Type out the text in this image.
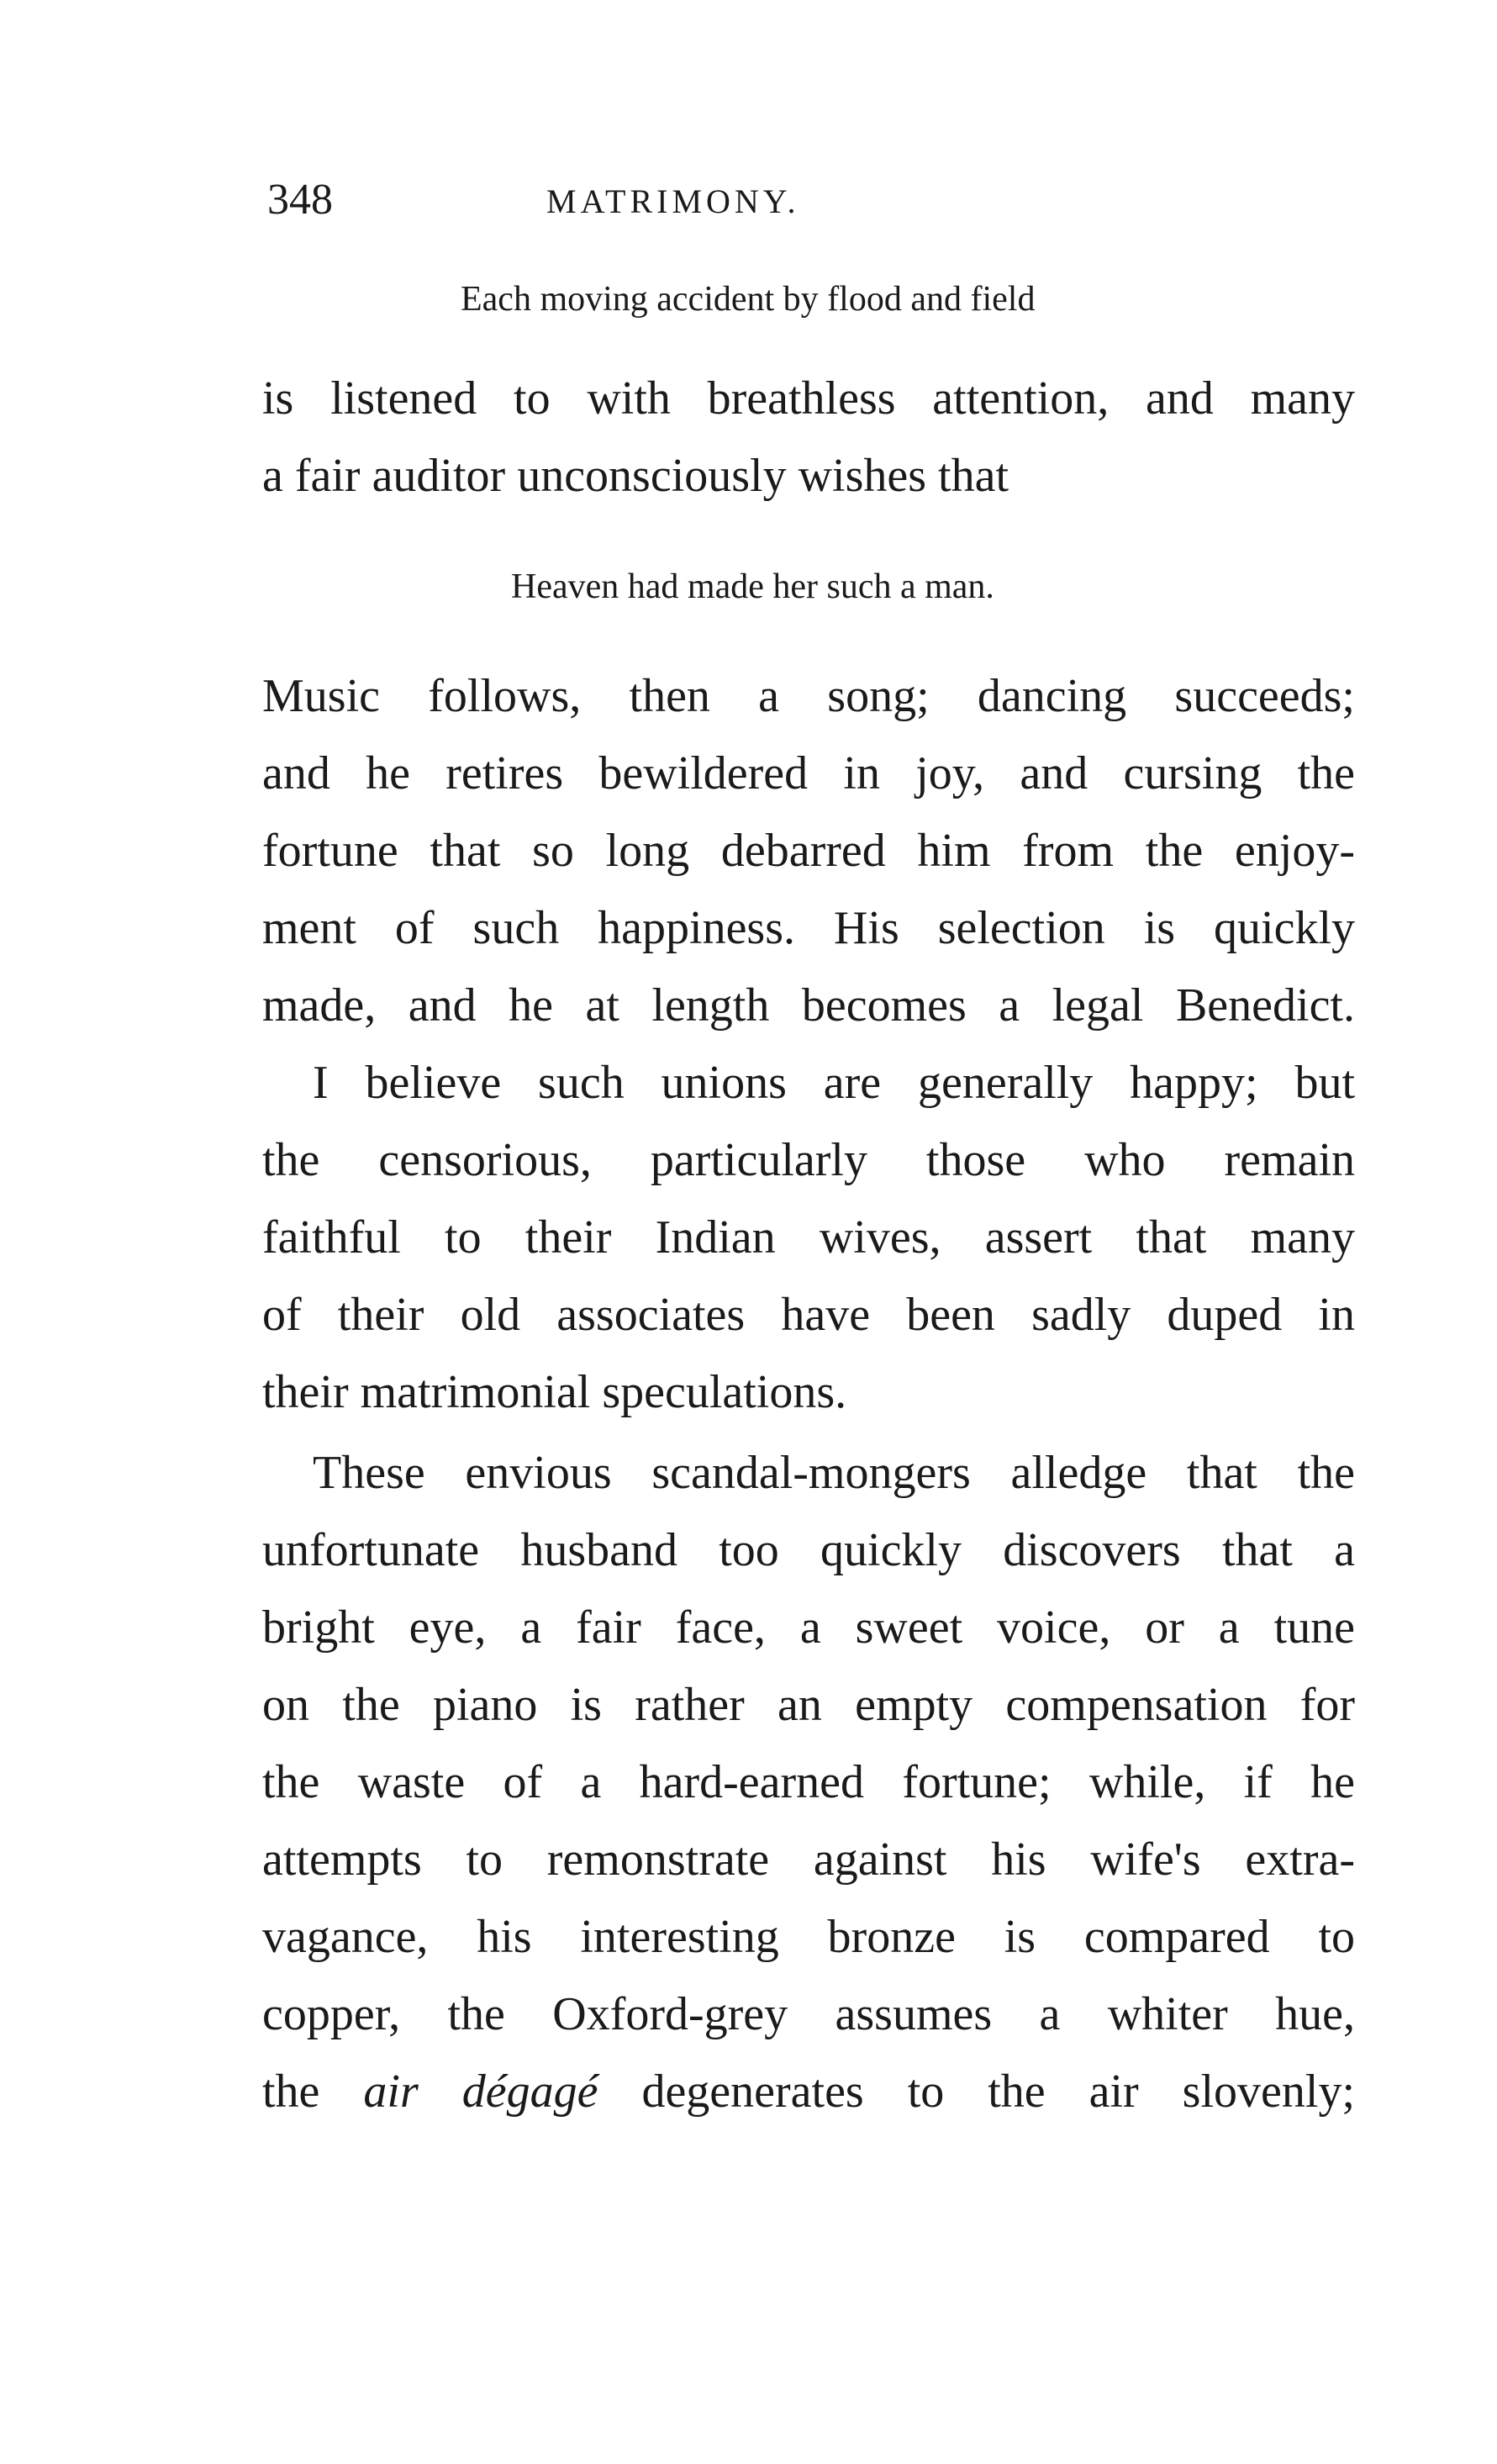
348	MATRIMONY.
Each moving accident by flood and field
is listened to with breathless attention, and many
a fair auditor unconsciously wishes that
Heaven had made her such a man.
Music follows, then a song; dancing succeeds;
and he retires bewildered in joy, and cursing the
fortune that so long debarred him from the enjoy-
ment of such happiness. His selection is quickly
made, and he at length becomes a legal Benedict.
I believe such unions are generally happy; but
the censorious, particularly those who remain
faithful to their Indian wives, assert that many
of their old associates have been sadly duped in
their matrimonial speculations.
These envious scandal-mongers alledge that the
unfortunate husband too quickly discovers that a
bright eye, a fair face, a sweet voice, or a tune
on the piano is rather an empty compensation for
the waste of a hard-earned fortune; while, if he
attempts to remonstrate against his wife's extra-
vagance, his interesting bronze is compared to
copper, the Oxford-grey assumes a whiter hue,
the air dégagé degenerates to the air slovenly;
